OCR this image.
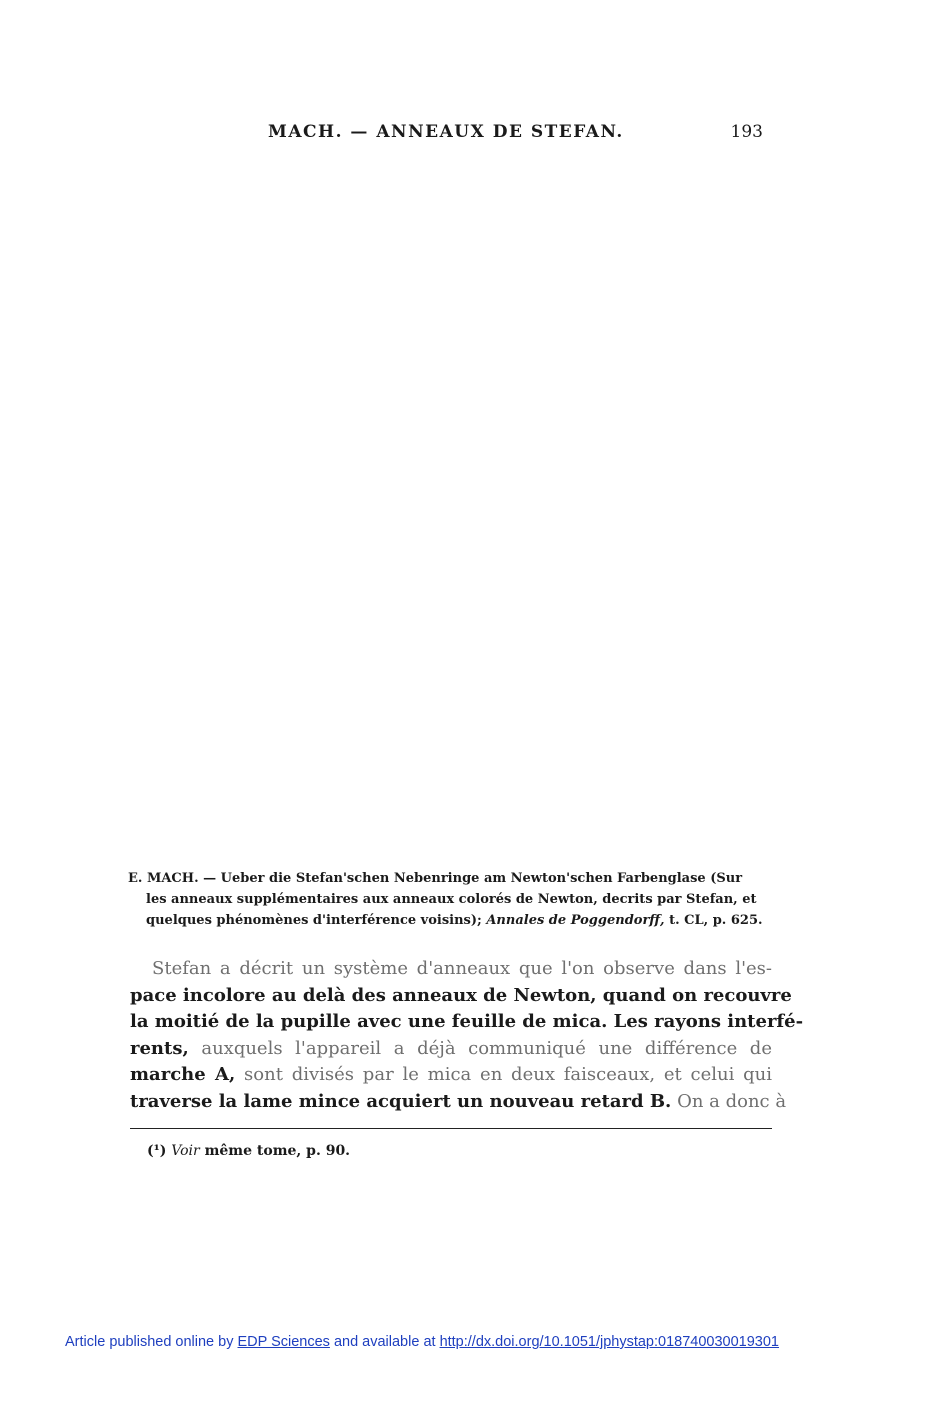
MACH. — ANNEAUX DE STEFAN.	193
E. MACH. — Ueber die Stefan'schen Nebenringe am Newton'schen Farbenglase (Sur
les anneaux supplémentaires aux anneaux colorés de Newton, decrits par Stefan, et
quelques phénomènes d'interférence voisins); Annales de Poggendorff, t. CL, p. 625.
Stefan a décrit un système d'anneaux que l'on observe dans l'es-
pace incolore au delà des anneaux de Newton, quand on recouvre
la moitié de la pupille avec une feuille de mica. Les rayons interfé-
rents, auxquels l'appareil a déjà communiqué une différence de
marche A, sont divisés par le mica en deux faisceaux, et celui qui
traverse la lame mince acquiert un nouveau retard B. On a donc à
(¹) Voir même tome, p. 90.
Article published online by EDP Sciences and available at http://dx.doi.org/10.1051/jphystap:018740030019301
